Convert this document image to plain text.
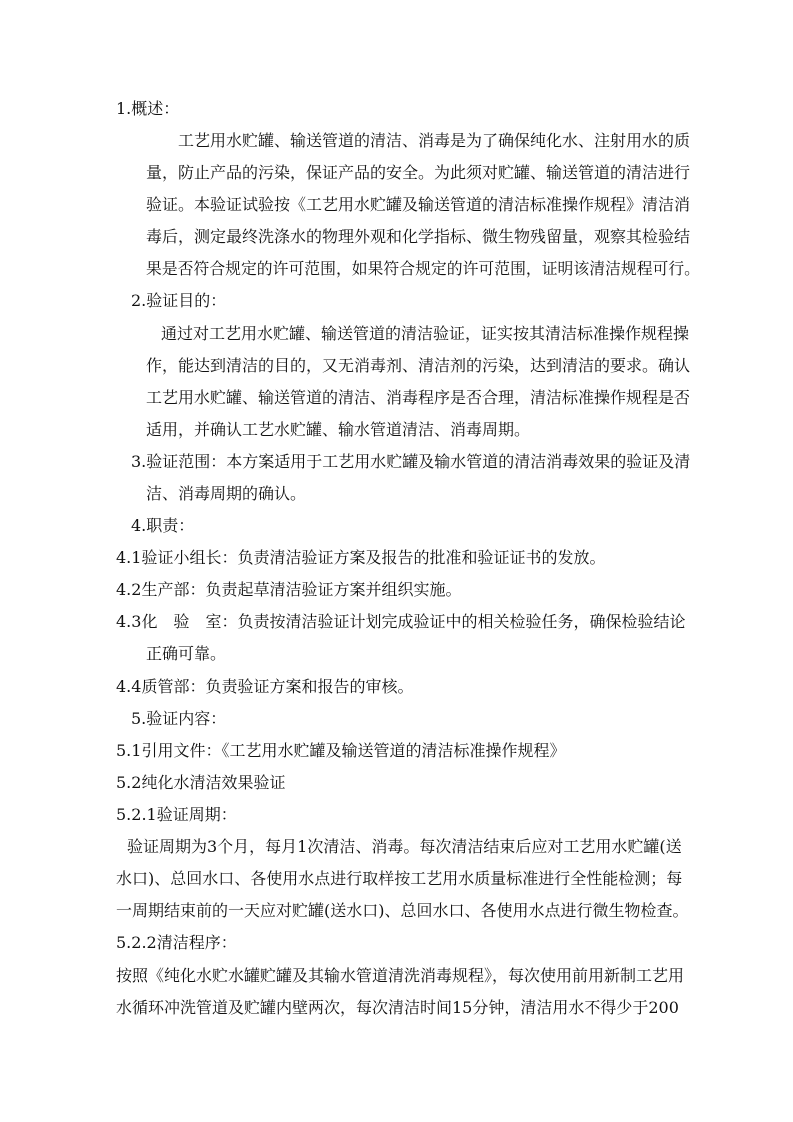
1.概述：
工艺用水贮罐、输送管道的清洁、消毒是为了确保纯化水、注射用水的质
量，防止产品的污染，保证产品的安全。为此须对贮罐、输送管道的清洁进行
验证。本验证试验按《工艺用水贮罐及输送管道的清洁标准操作规程》清洁消
毒后，测定最终洗涤水的物理外观和化学指标、微生物残留量，观察其检验结
果是否符合规定的许可范围，如果符合规定的许可范围，证明该清洁规程可行。
2.验证目的：
通过对工艺用水贮罐、输送管道的清洁验证，证实按其清洁标准操作规程操
作，能达到清洁的目的，又无消毒剂、清洁剂的污染，达到清洁的要求。确认
工艺用水贮罐、输送管道的清洁、消毒程序是否合理，清洁标准操作规程是否
适用，并确认工艺水贮罐、输水管道清洁、消毒周期。
3.验证范围：本方案适用于工艺用水贮罐及输水管道的清洁消毒效果的验证及清
洁、消毒周期的确认。
4.职责：
4.1验证小组长：负责清洁验证方案及报告的批准和验证证书的发放。
4.2生产部：负责起草清洁验证方案并组织实施。
4.3化　验　室：负责按清洁验证计划完成验证中的相关检验任务，确保检验结论
正确可靠。
4.4质管部：负责验证方案和报告的审核。
5.验证内容：
5.1引用文件：《工艺用水贮罐及输送管道的清洁标准操作规程》
5.2纯化水清洁效果验证
5.2.1验证周期：
验证周期为3个月，每月1次清洁、消毒。每次清洁结束后应对工艺用水贮罐(送
水口)、总回水口、各使用水点进行取样按工艺用水质量标准进行全性能检测；每
一周期结束前的一天应对贮罐(送水口)、总回水口、各使用水点进行微生物检查。
5.2.2清洁程序：
按照《纯化水贮水罐贮罐及其输水管道清洗消毒规程》，每次使用前用新制工艺用
水循环冲洗管道及贮罐内壁两次，每次清洁时间15分钟，清洁用水不得少于200
